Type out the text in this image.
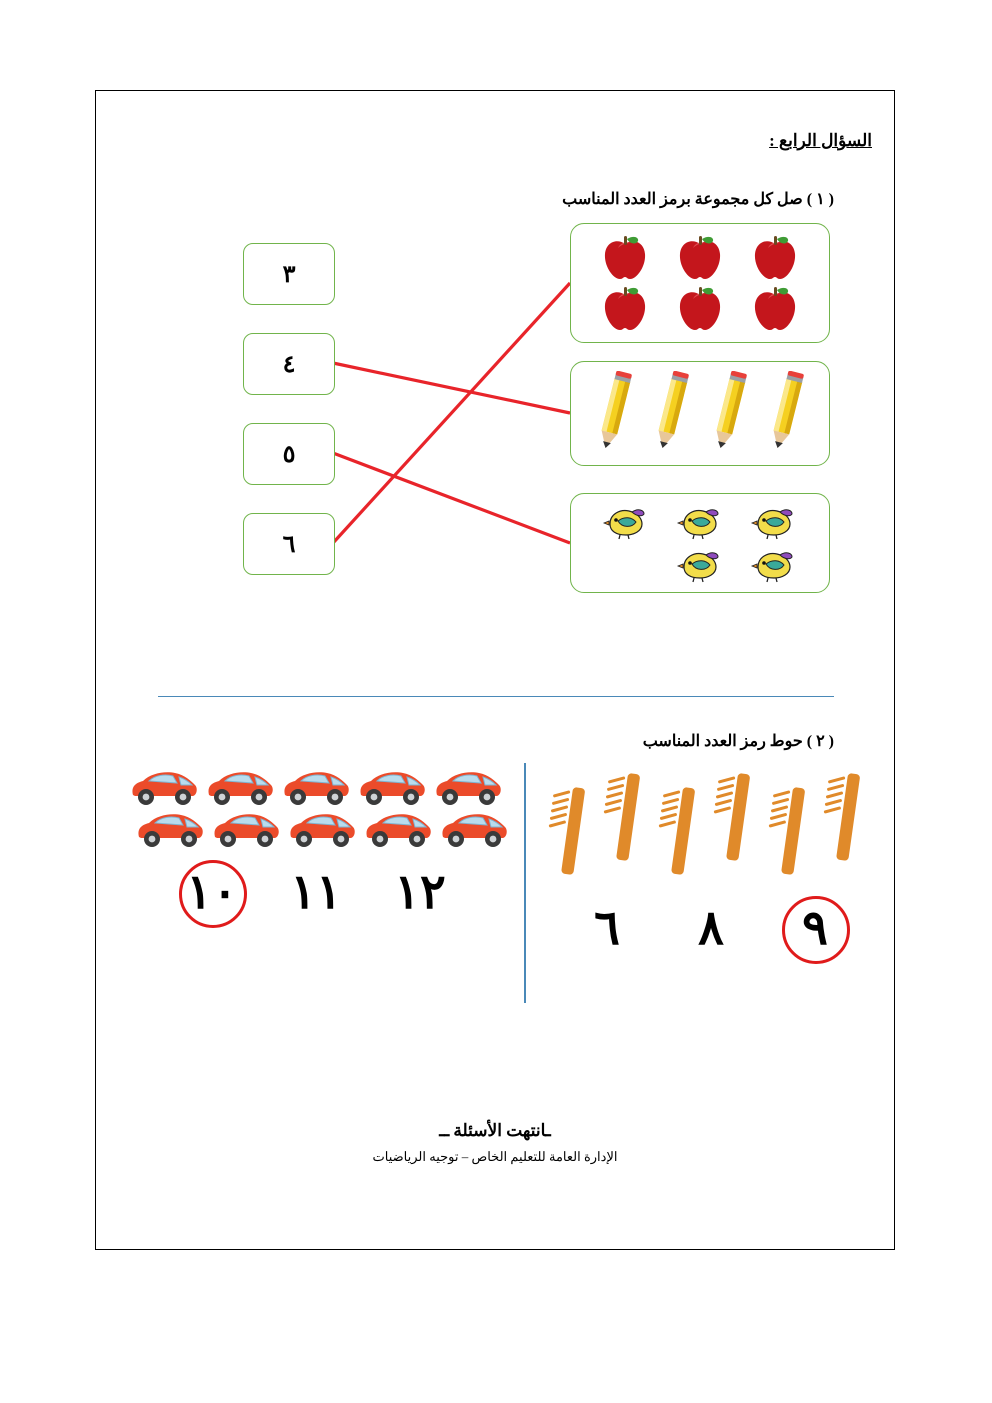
السؤال الرابع :
( ١ ) صل كل مجموعة برمز العدد المناسب
٣
٤
٥
٦
( ٢ ) حوط رمز العدد المناسب
١٢
١١
١٠
٩
٨
٦
ـانتهت الأسئلة ــ
الإدارة العامة للتعليم الخاص – توجيه الرياضيات
